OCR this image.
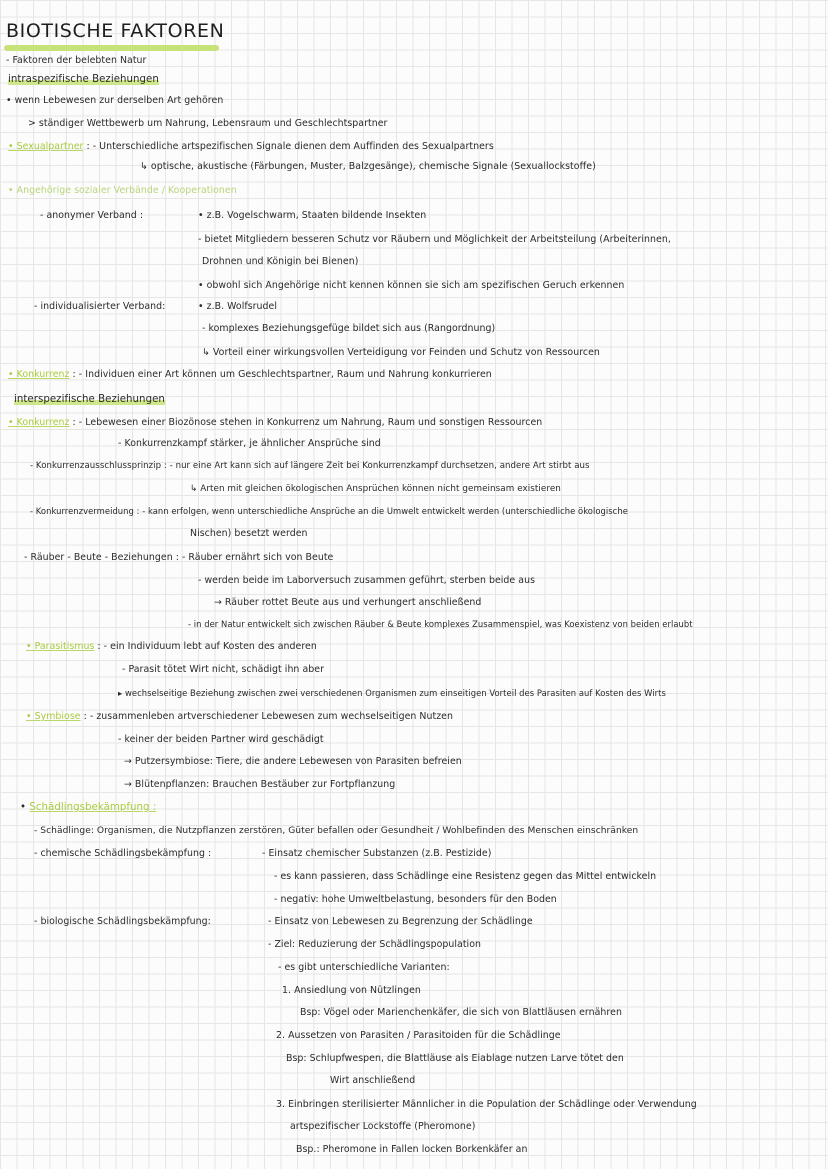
BIOTISCHE FAKTOREN
- Faktoren der belebten Natur
intraspezifische Beziehungen
• wenn Lebewesen zur derselben Art gehören
> ständiger Wettbewerb um Nahrung, Lebensraum und Geschlechtspartner
• Sexualpartner : - Unterschiedliche artspezifischen Signale dienen dem Auffinden des Sexualpartners
↳ optische, akustische (Färbungen, Muster, Balzgesänge), chemische Signale (Sexuallockstoffe)
• Angehörige sozialer Verbände / Kooperationen
- anonymer Verband :	• z.B. Vogelschwarm, Staaten bildende Insekten
- bietet Mitgliedern besseren Schutz vor Räubern und Möglichkeit der Arbeitsteilung (Arbeiterinnen,
Drohnen und Königin bei Bienen)
• obwohl sich Angehörige nicht kennen können sie sich am spezifischen Geruch erkennen
- individualisierter Verband:	• z.B. Wolfsrudel
- komplexes Beziehungsgefüge bildet sich aus (Rangordnung)
↳ Vorteil einer wirkungsvollen Verteidigung vor Feinden und Schutz von Ressourcen
• Konkurrenz : - Individuen einer Art können um Geschlechtspartner, Raum und Nahrung konkurrieren
interspezifische Beziehungen
• Konkurrenz : - Lebewesen einer Biozönose stehen in Konkurrenz um Nahrung, Raum und sonstigen Ressourcen
- Konkurrenzkampf stärker, je ähnlicher Ansprüche sind
- Konkurrenzausschlussprinzip : - nur eine Art kann sich auf längere Zeit bei Konkurrenzkampf durchsetzen, andere Art stirbt aus
↳ Arten mit gleichen ökologischen Ansprüchen können nicht gemeinsam existieren
- Konkurrenzvermeidung : - kann erfolgen, wenn unterschiedliche Ansprüche an die Umwelt entwickelt werden (unterschiedliche ökologische
Nischen) besetzt werden
- Räuber - Beute - Beziehungen : - Räuber ernährt sich von Beute
- werden beide im Laborversuch zusammen geführt, sterben beide aus
→ Räuber rottet Beute aus und verhungert anschließend
- in der Natur entwickelt sich zwischen Räuber & Beute komplexes Zusammenspiel, was Koexistenz von beiden erlaubt
• Parasitismus : - ein Individuum lebt auf Kosten des anderen
- Parasit tötet Wirt nicht, schädigt ihn aber
▸ wechselseitige Beziehung zwischen zwei verschiedenen Organismen zum einseitigen Vorteil des Parasiten auf Kosten des Wirts
• Symbiose : - zusammenleben artverschiedener Lebewesen zum wechselseitigen Nutzen
- keiner der beiden Partner wird geschädigt
→ Putzersymbiose: Tiere, die andere Lebewesen von Parasiten befreien
→ Blütenpflanzen: Brauchen Bestäuber zur Fortpflanzung
• Schädlingsbekämpfung :
- Schädlinge: Organismen, die Nutzpflanzen zerstören, Güter befallen oder Gesundheit / Wohlbefinden des Menschen einschränken
- chemische Schädlingsbekämpfung :	- Einsatz chemischer Substanzen (z.B. Pestizide)
- es kann passieren, dass Schädlinge eine Resistenz gegen das Mittel entwickeln
- negativ: hohe Umweltbelastung, besonders für den Boden
- biologische Schädlingsbekämpfung:	- Einsatz von Lebewesen zu Begrenzung der Schädlinge
- Ziel: Reduzierung der Schädlingspopulation
- es gibt unterschiedliche Varianten:
1. Ansiedlung von Nützlingen
Bsp: Vögel oder Marienchenkäfer, die sich von Blattläusen ernähren
2. Aussetzen von Parasiten / Parasitoiden für die Schädlinge
Bsp: Schlupfwespen, die Blattläuse als Eiablage nutzen Larve tötet den
Wirt anschließend
3. Einbringen sterilisierter Männlicher in die Population der Schädlinge oder Verwendung
artspezifischer Lockstoffe (Pheromone)
Bsp.: Pheromone in Fallen locken Borkenkäfer an
